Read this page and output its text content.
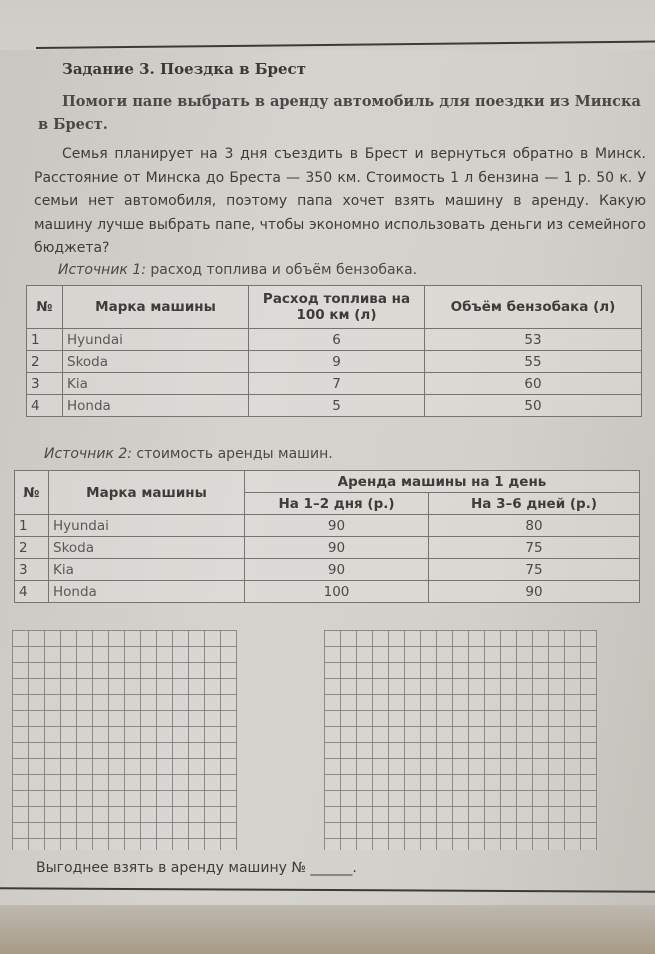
Задание 3. Поездка в Брест
Помоги папе выбрать в аренду автомобиль для поездки из Минска в Брест.
Семья планирует на 3 дня съездить в Брест и вернуться обратно в Минск. Расстояние от Минска до Бреста — 350 км. Стоимость 1 л бензина — 1 р. 50 к. У семьи нет автомобиля, поэтому папа хочет взять машину в аренду. Какую машину лучше выбрать папе, чтобы экономно использовать деньги из семейного бюджета?
Источник 1: расход топлива и объём бензобака.
№	Марка машины	Расход топлива на 100 км (л)	Объём бензобака (л)
1	Hyundai	6	53
2	Skoda	9	55
3	Kia	7	60
4	Honda	5	50
Источник 2: стоимость аренды машин.
№	Марка машины	Аренда машины на 1 день	
		На 1–2 дня (р.)	На 3–6 дней (р.)
1	Hyundai	90	80
2	Skoda	90	75
3	Kia	90	75
4	Honda	100	90
Выгоднее взять в аренду машину № ______.
